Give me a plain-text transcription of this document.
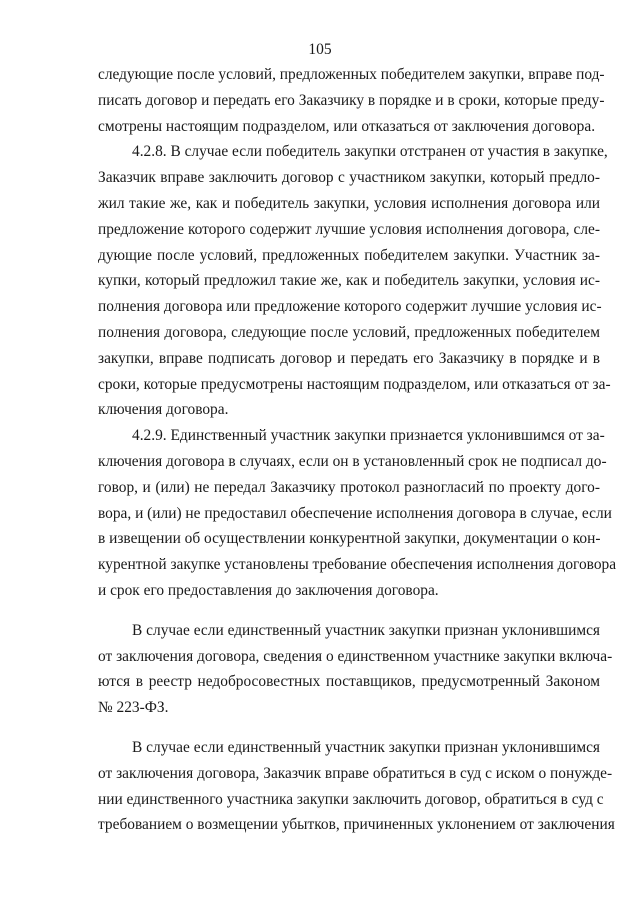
105
следующие после условий, предложенных победителем закупки, вправе под-
писать договор и передать его Заказчику в порядке и в сроки, которые преду-
смотрены настоящим подразделом, или отказаться от заключения договора.
4.2.8. В случае если победитель закупки отстранен от участия в закупке,
Заказчик вправе заключить договор с участником закупки, который предло-
жил такие же, как и победитель закупки, условия исполнения договора или
предложение которого содержит лучшие условия исполнения договора, сле-
дующие после условий, предложенных победителем закупки. Участник за-
купки, который предложил такие же, как и победитель закупки, условия ис-
полнения договора или предложение которого содержит лучшие условия ис-
полнения договора, следующие после условий, предложенных победителем
закупки, вправе подписать договор и передать его Заказчику в порядке и в
сроки, которые предусмотрены настоящим подразделом, или отказаться от за-
ключения договора.
4.2.9. Единственный участник закупки признается уклонившимся от за-
ключения договора в случаях, если он в установленный срок не подписал до-
говор, и (или) не передал Заказчику протокол разногласий по проекту дого-
вора, и (или) не предоставил обеспечение исполнения договора в случае, если
в извещении об осуществлении конкурентной закупки, документации о кон-
курентной закупке установлены требование обеспечения исполнения договора
и срок его предоставления до заключения договора.
В случае если единственный участник закупки признан уклонившимся
от заключения договора, сведения о единственном участнике закупки включа-
ются в реестр недобросовестных поставщиков, предусмотренный Законом
№ 223-ФЗ.
В случае если единственный участник закупки признан уклонившимся
от заключения договора, Заказчик вправе обратиться в суд с иском о понужде-
нии единственного участника закупки заключить договор, обратиться в суд с
требованием о возмещении убытков, причиненных уклонением от заключения
